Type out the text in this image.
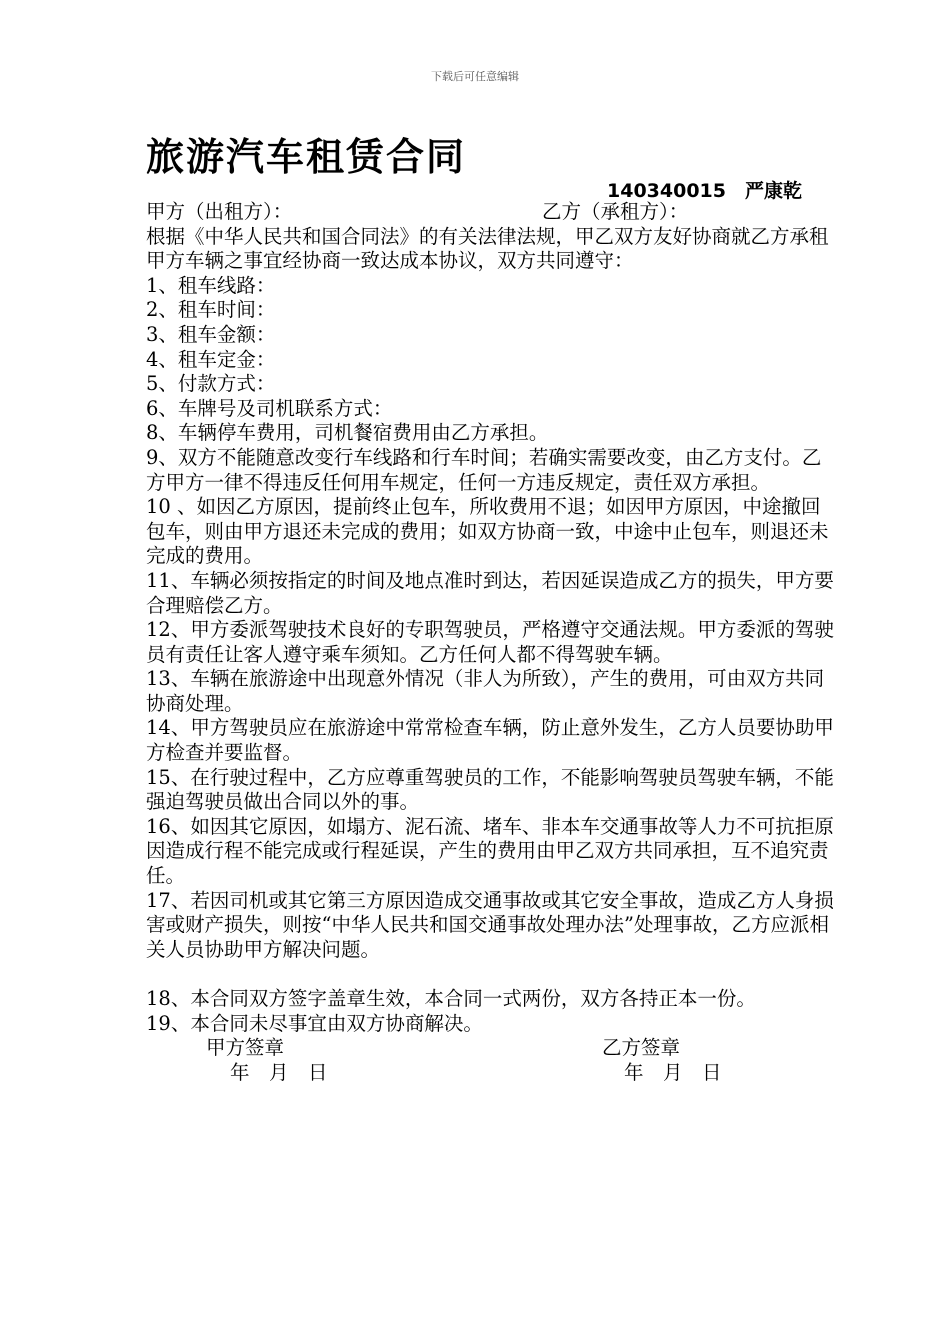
下载后可任意编辑
旅游汽车租赁合同
140340015　严康乾
甲方（出租方）：	乙方（承租方）：

根据《中华人民共和国合同法》的有关法律法规，甲乙双方友好协商就乙方承租甲方车辆之事宜经协商一致达成本协议，双方共同遵守：

1、租车线路：

2、租车时间：

3、租车金额：

4、租车定金：

5、付款方式：

6、车牌号及司机联系方式：

8、车辆停车费用，司机餐宿费用由乙方承担。

9、双方不能随意改变行车线路和行车时间；若确实需要改变，由乙方支付。乙方甲方一律不得违反任何用车规定，任何一方违反规定，责任双方承担。

10 、如因乙方原因，提前终止包车，所收费用不退；如因甲方原因，中途撤回包车，则由甲方退还未完成的费用；如双方协商一致，中途中止包车，则退还未完成的费用。

11、车辆必须按指定的时间及地点准时到达，若因延误造成乙方的损失，甲方要合理赔偿乙方。

12、甲方委派驾驶技术良好的专职驾驶员，严格遵守交通法规。甲方委派的驾驶员有责任让客人遵守乘车须知。乙方任何人都不得驾驶车辆。

13、车辆在旅游途中出现意外情况（非人为所致），产生的费用，可由双方共同协商处理。

14、甲方驾驶员应在旅游途中常常检查车辆，防止意外发生，乙方人员要协助甲方检查并要监督。

15、在行驶过程中，乙方应尊重驾驶员的工作，不能影响驾驶员驾驶车辆，不能强迫驾驶员做出合同以外的事。

16、如因其它原因，如塌方、泥石流、堵车、非本车交通事故等人力不可抗拒原因造成行程不能完成或行程延误，产生的费用由甲乙双方共同承担，互不追究责任。

17、若因司机或其它第三方原因造成交通事故或其它安全事故，造成乙方人身损害或财产损失，则按“中华人民共和国交通事故处理办法”处理事故，乙方应派相关人员协助甲方解决问题。

18、本合同双方签字盖章生效，本合同一式两份，双方各持正本一份。

19、本合同未尽事宜由双方协商解决。

甲方签章	乙方签章
年　月　日	年　月　日
